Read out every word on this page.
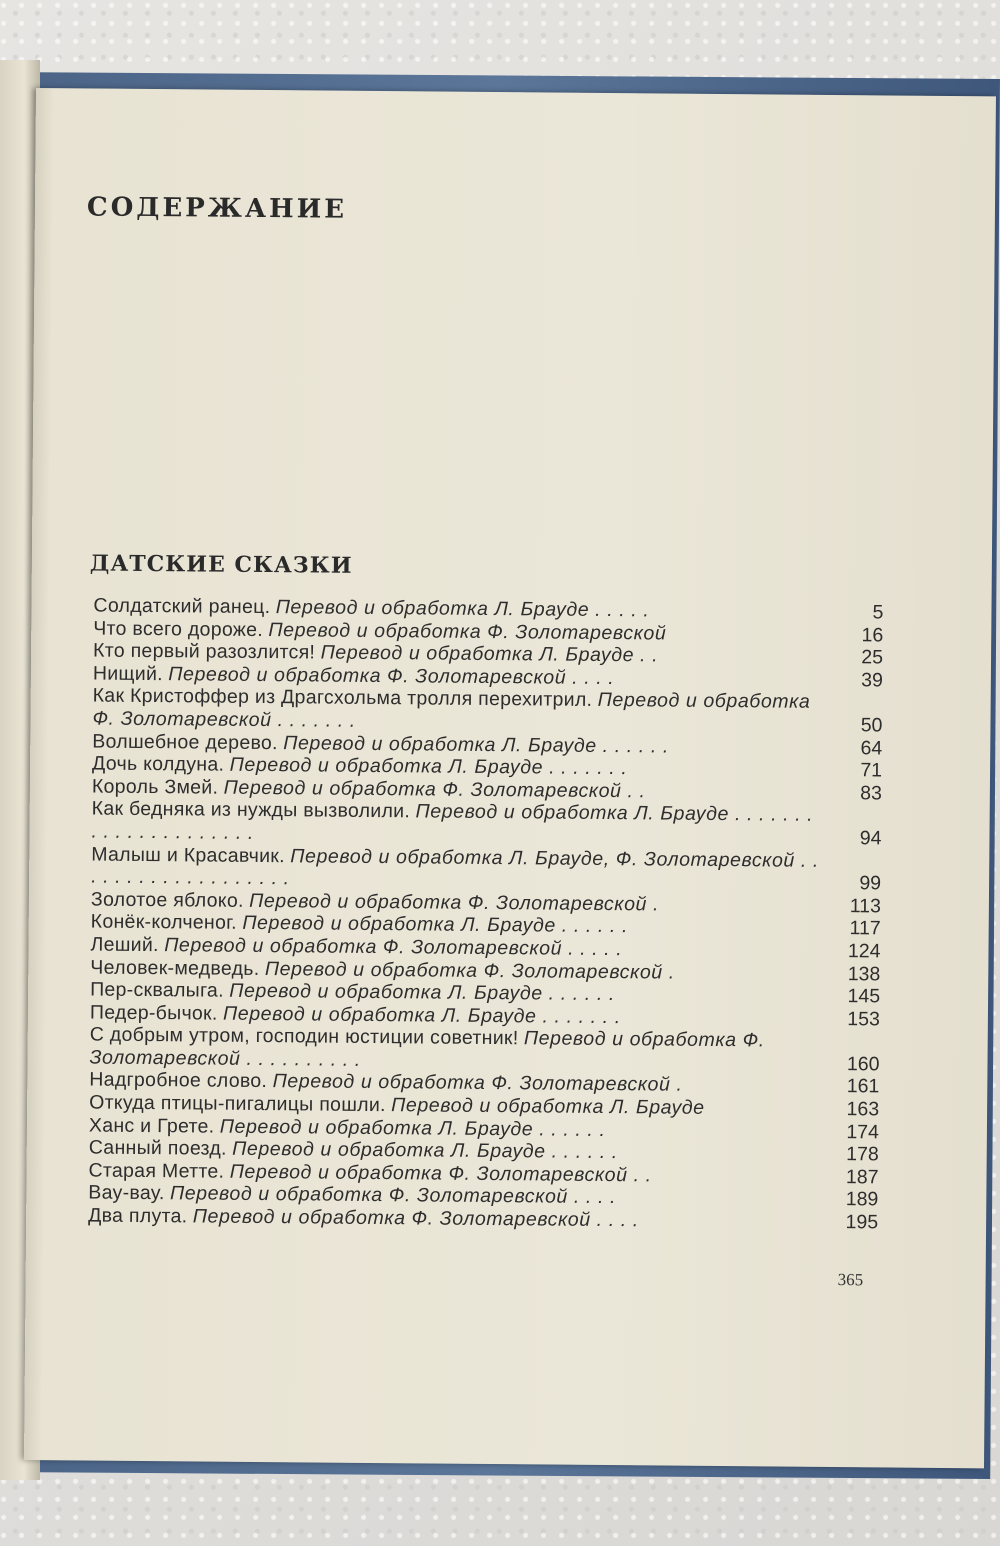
СОДЕРЖАНИЕ
ДАТСКИЕ СКАЗКИ
Солдатский ранец. Перевод и обработка Л. Брауде . . . . .	5
Что всего дороже. Перевод и обработка Ф. Золотаревской	16
Кто первый разозлится! Перевод и обработка Л. Брауде . .	25
Нищий. Перевод и обработка Ф. Золотаревской . . . .	39
Как Кристоффер из Драгсхольма тролля перехитрил. Перевод и обработка Ф. Золотаревской . . . . . . .	50
Волшебное дерево. Перевод и обработка Л. Брауде . . . . . .	64
Дочь колдуна. Перевод и обработка Л. Брауде . . . . . . .	71
Король Змей. Перевод и обработка Ф. Золотаревской . .	83
Как бедняка из нужды вызволили. Перевод и обработка Л. Брауде . . . . . . . . . . . . . . . . . . . . .	94
Малыш и Красавчик. Перевод и обработка Л. Брауде, Ф. Золотаревской . . . . . . . . . . . . . . . . . . .	99
Золотое яблоко. Перевод и обработка Ф. Золотаревской .	113
Конёк-колченог. Перевод и обработка Л. Брауде . . . . . .	117
Леший. Перевод и обработка Ф. Золотаревской . . . . .	124
Человек-медведь. Перевод и обработка Ф. Золотаревской .	138
Пер-сквалыга. Перевод и обработка Л. Брауде . . . . . .	145
Педер-бычок. Перевод и обработка Л. Брауде . . . . . . .	153
С добрым утром, господин юстиции советник! Перевод и обработка Ф. Золотаревской . . . . . . . . . .	160
Надгробное слово. Перевод и обработка Ф. Золотаревской .	161
Откуда птицы-пигалицы пошли. Перевод и обработка Л. Брауде	163
Ханс и Грете. Перевод и обработка Л. Брауде . . . . . .	174
Санный поезд. Перевод и обработка Л. Брауде . . . . . .	178
Старая Метте. Перевод и обработка Ф. Золотаревской . .	187
Вау-вау. Перевод и обработка Ф. Золотаревской . . . .	189
Два плута. Перевод и обработка Ф. Золотаревской . . . .	195
365
